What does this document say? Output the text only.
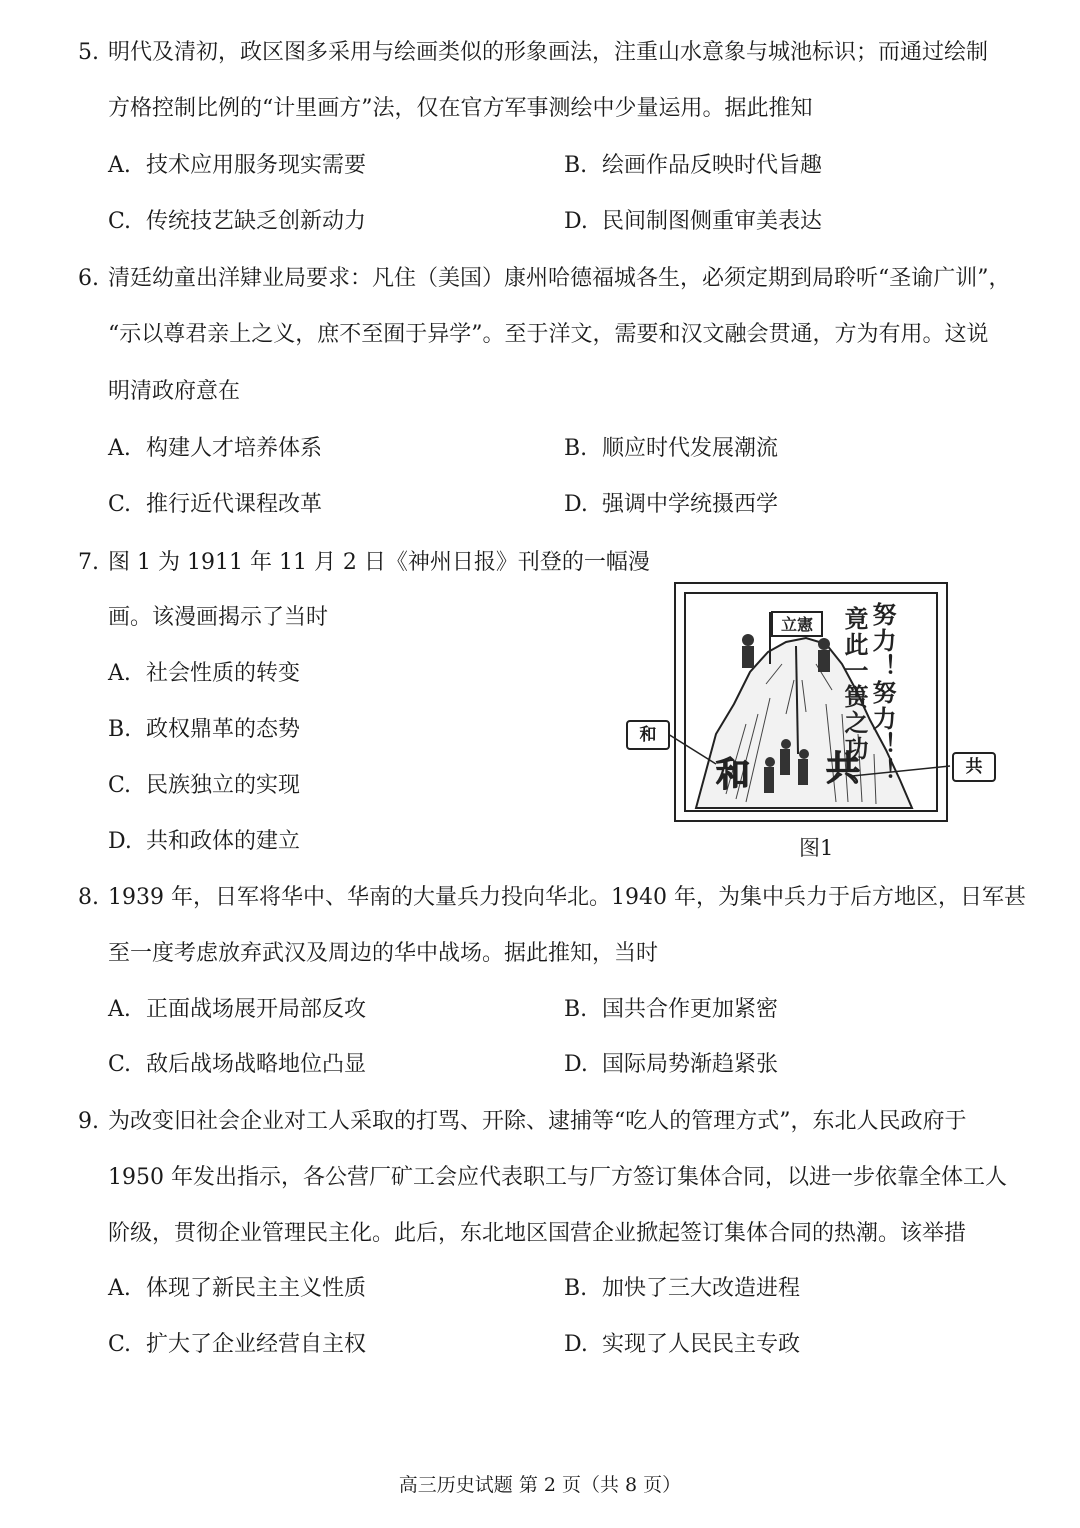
5. 明代及清初，政区图多采用与绘画类似的形象画法，注重山水意象与城池标识；而通过绘制
方格控制比例的“计里画方”法，仅在官方军事测绘中少量运用。据此推知
A. 技术应用服务现实需要	B. 绘画作品反映时代旨趣
C. 传统技艺缺乏创新动力	D. 民间制图侧重审美表达
6. 清廷幼童出洋肄业局要求：凡住（美国）康州哈德福城各生，必须定期到局聆听“圣谕广训”，
“示以尊君亲上之义，庶不至囿于异学”。至于洋文，需要和汉文融会贯通，方为有用。这说
明清政府意在
A. 构建人才培养体系	B. 顺应时代发展潮流
C. 推行近代课程改革	D. 强调中学统摄西学
7. 图 1 为 1911 年 11 月 2 日《神州日报》刊登的一幅漫
画。该漫画揭示了当时
A. 社会性质的转变
B. 政权鼎革的态势
C. 民族独立的实现
D. 共和政体的建立
立憲
和 共 努力！努力！！
竟此一篑之功
和
共
图1
8. 1939 年，日军将华中、华南的大量兵力投向华北。1940 年，为集中兵力于后方地区，日军甚
至一度考虑放弃武汉及周边的华中战场。据此推知，当时
A. 正面战场展开局部反攻	B. 国共合作更加紧密
C. 敌后战场战略地位凸显	D. 国际局势渐趋紧张
9. 为改变旧社会企业对工人采取的打骂、开除、逮捕等“吃人的管理方式”，东北人民政府于
1950 年发出指示，各公营厂矿工会应代表职工与厂方签订集体合同，以进一步依靠全体工人
阶级，贯彻企业管理民主化。此后，东北地区国营企业掀起签订集体合同的热潮。该举措
A. 体现了新民主主义性质	B. 加快了三大改造进程
C. 扩大了企业经营自主权	D. 实现了人民民主专政
高三历史试题 第 2 页（共 8 页）
